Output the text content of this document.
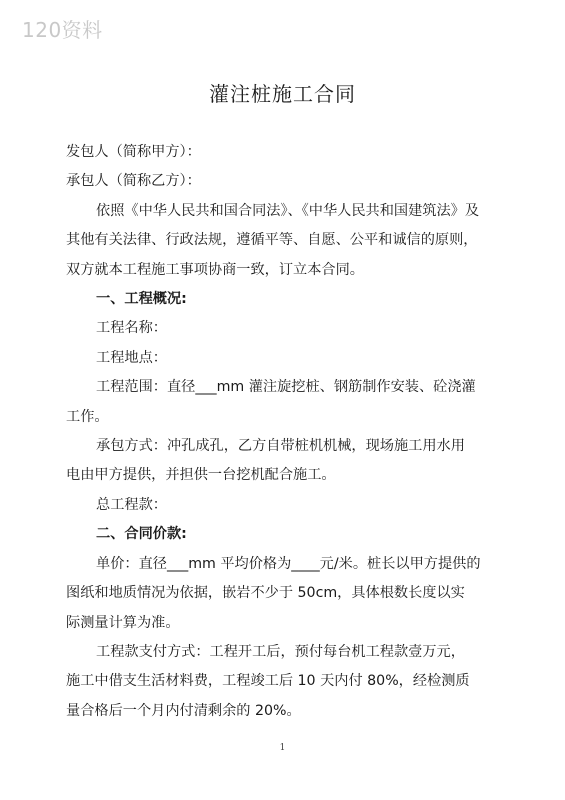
120资料
灌注桩施工合同
发包人（简称甲方）：
承包人（简称乙方）：
依照《中华人民共和国合同法》、《中华人民共和国建筑法》及
其他有关法律、行政法规，遵循平等、自愿、公平和诚信的原则，
双方就本工程施工事项协商一致，订立本合同。
一、工程概况:
工程名称：
工程地点：
工程范围：直径___mm 灌注旋挖桩、钢筋制作安装、砼浇灌
工作。
承包方式：冲孔成孔，乙方自带桩机机械，现场施工用水用
电由甲方提供，并担供一台挖机配合施工。
总工程款：
二、合同价款:
单价：直径___mm 平均价格为____元/米。桩长以甲方提供的
图纸和地质情况为依据，嵌岩不少于 50cm，具体根数长度以实
际测量计算为准。
工程款支付方式：工程开工后，预付每台机工程款壹万元，
施工中借支生活材料费，工程竣工后 10 天内付 80%，经检测质
量合格后一个月内付清剩余的 20%。
1
